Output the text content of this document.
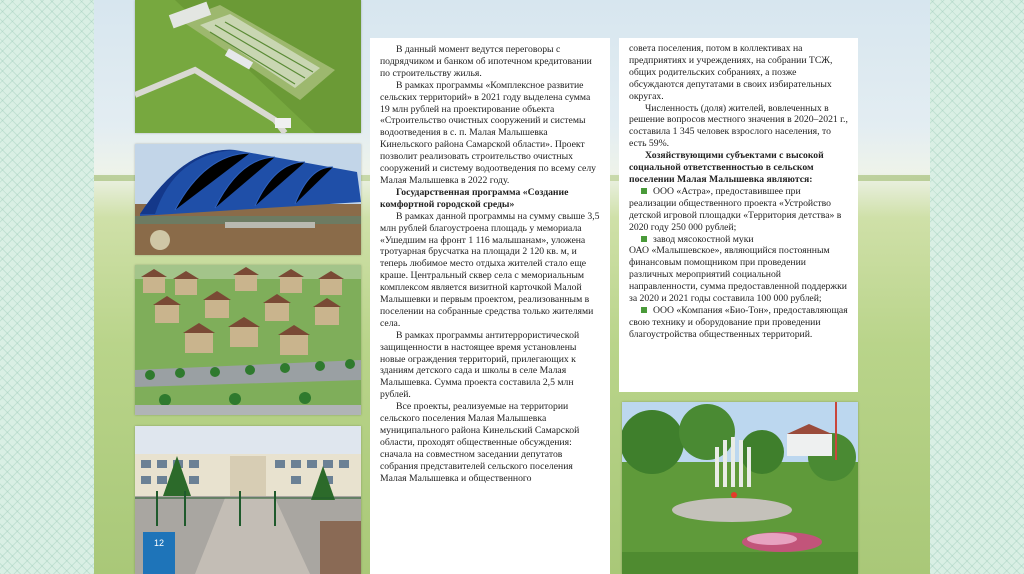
12

В данный момент ведутся переговоры с подрядчиком и банком об ипотечном кредитовании по строительству жилья.

В рамках программы «Комплексное развитие сельских территорий» в 2021 году выделена сумма 19 млн рублей на проектирование объекта «Строительство очистных сооружений и системы водоотведения в с. п. Малая Малышевка Кинельского района Самарской области». Проект позволит реализовать строительство очистных сооружений и систему водоотведения по всему селу Малая Малышевка в 2022 году.

Государственная программа «Создание комфортной городской среды»

В рамках данной программы на сумму свыше 3,5 млн рублей благоустроена площадь у мемориала «Ушедшим на фронт 1 116 малышанам», уложена тротуарная брусчатка на площади 2 120 кв. м, и теперь любимое место отдыха жителей стало еще краше. Центральный сквер села с мемориальным комплексом является визитной карточкой Малой Малышевки и первым проектом, реализованным в поселении на собранные средства только жителями села.

В рамках программы антитеррористической защищенности в настоящее время установлены новые ограждения территорий, прилегающих к зданиям детского сада и школы в селе Малая Малышевка. Сумма проекта составила 2,5 млн рублей.

Все проекты, реализуемые на территории сельского поселения Малая Малышевка муниципального района Кинельский Самарской области, проходят общественные обсуждения: сначала на совместном заседании депутатов собрания представителей сельского поселения Малая Малышевка и общественного

совета поселения, потом в коллективах на предприятиях и учреждениях, на собрании ТСЖ, общих родительских собраниях, а позже обсуждаются депутатами в своих избирательных округах.

Численность (доля) жителей, вовлеченных в решение вопросов местного значения в 2020–2021 г., составила 1 345 человек взрослого населения, то есть 59%.

Хозяйствующими субъектами с высокой социальной ответственностью в сельском поселении Малая Малышевка являются:

ООО «Астра», предоставившее при реализации общественного проекта «Устройство детской игровой площадки «Территория детства» в 2020 году 250 000 рублей;

завод мясокостной муки

ОАО «Малышевское», являющийся постоянным финансовым помощником при проведении различных мероприятий социальной направленности, сумма предоставленной поддержки за 2020 и 2021 годы составила 100 000 рублей;

ООО «Компания «Био-Тон», предоставляющая свою технику и оборудование при проведении благоустройства общественных территорий.
